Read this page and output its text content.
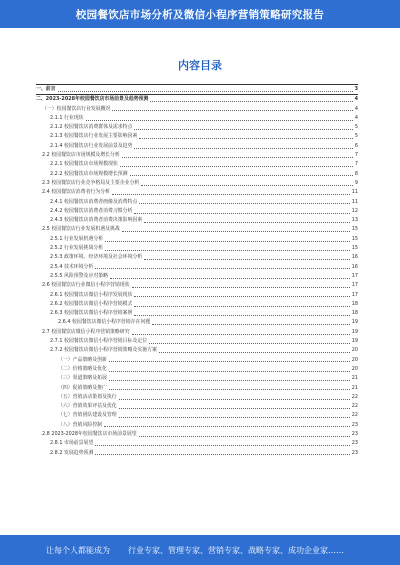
校园餐饮店市场分析及微信小程序营销策略研究报告
内容目录
一、前言	3
二、2023-2028年校园餐饮店市场前景及趋势预测	4
（一）校园餐饮店行业发展概况	4
2.1.1 行业现状	4
2.1.2 校园餐饮店消费群体及需求特点	5
2.1.3 校园餐饮店行业发展主要影响因素	5
2.1.4 校园餐饮店行业发展前景及趋势	6
2.2 校园餐饮店市场规模及增长分析	7
2.2.1 校园餐饮店市场规模现状	7
2.2.2 校园餐饮店市场规模增长预测	8
2.3 校园餐饮店行业竞争格局及主要企业分析	9
2.4 校园餐饮店消费者行为分析	11
2.4.1 校园餐饮店消费者画像及消费特点	11
2.4.2 校园餐饮店消费者消费习惯分析	12
2.4.3 校园餐饮店消费者消费决策影响因素	13
2.5 校园餐饮店行业发展机遇及挑战	15
2.5.1 行业发展机遇分析	15
2.5.2 行业发展挑战分析	15
2.5.3 政策环境、经济环境及社会环境分析	16
2.5.4 技术环境分析	16
2.5.5 风险预警及应对策略	17
2.6 校园餐饮店行业微信小程序营销现状	17
2.6.1 校园餐饮店微信小程序发展现状	17
2.6.2 校园餐饮店微信小程序营销模式	18
2.6.3 校园餐饮店微信小程序营销案例	18
2.6.4 校园餐饮店微信小程序营销存在问题	19
2.7 校园餐饮店微信小程序营销策略研究	19
2.7.1 校园餐饮店微信小程序营销目标及定位	19
2.7.2 校园餐饮店微信小程序营销策略及实施方案	20
（一）产品策略及创新	20
（二）价格策略及优化	20
（三）渠道策略及拓展	21
（四）促销策略及推广	21
（五）营销活动策划及执行	22
（六）营销效果评估及优化	22
（七）营销团队建设及管理	22
（八）营销风险控制	23
2.8 2023-2028年校园餐饮店市场前景展望	23
2.8.1 市场前景展望	23
2.8.2 发展趋势预测	23
让每个人都能成为 行业专家、管理专家、营销专家、战略专家、成功企业家……
